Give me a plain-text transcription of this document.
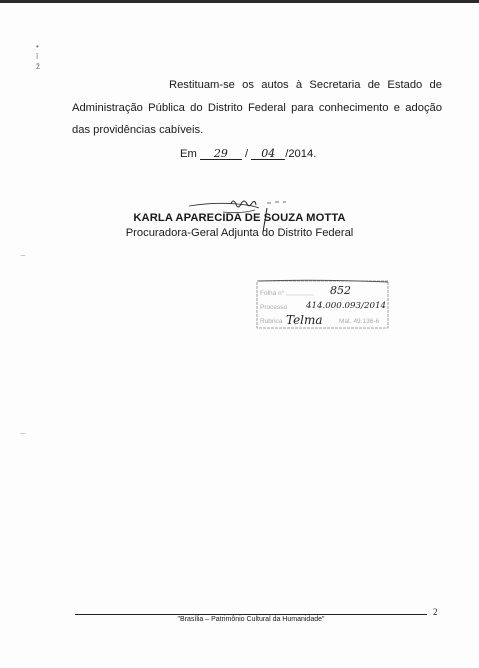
•
ï
ž
⌣
⌣

Restituam-se os autos à Secretaria de Estado de Administração Pública do Distrito Federal para conhecimento e adoção das providências cabíveis.

Em 29 / 04 /2014.
KARLA APARECIDA DE SOUZA MOTTA
Procuradora-Geral Adjunta do Distrito Federal
Folha n°	852
Processo 414.000.093/2014
Rubrica Telma	Mat. 49.136-6
2
"Brasília – Patrimônio Cultural da Humanidade"
